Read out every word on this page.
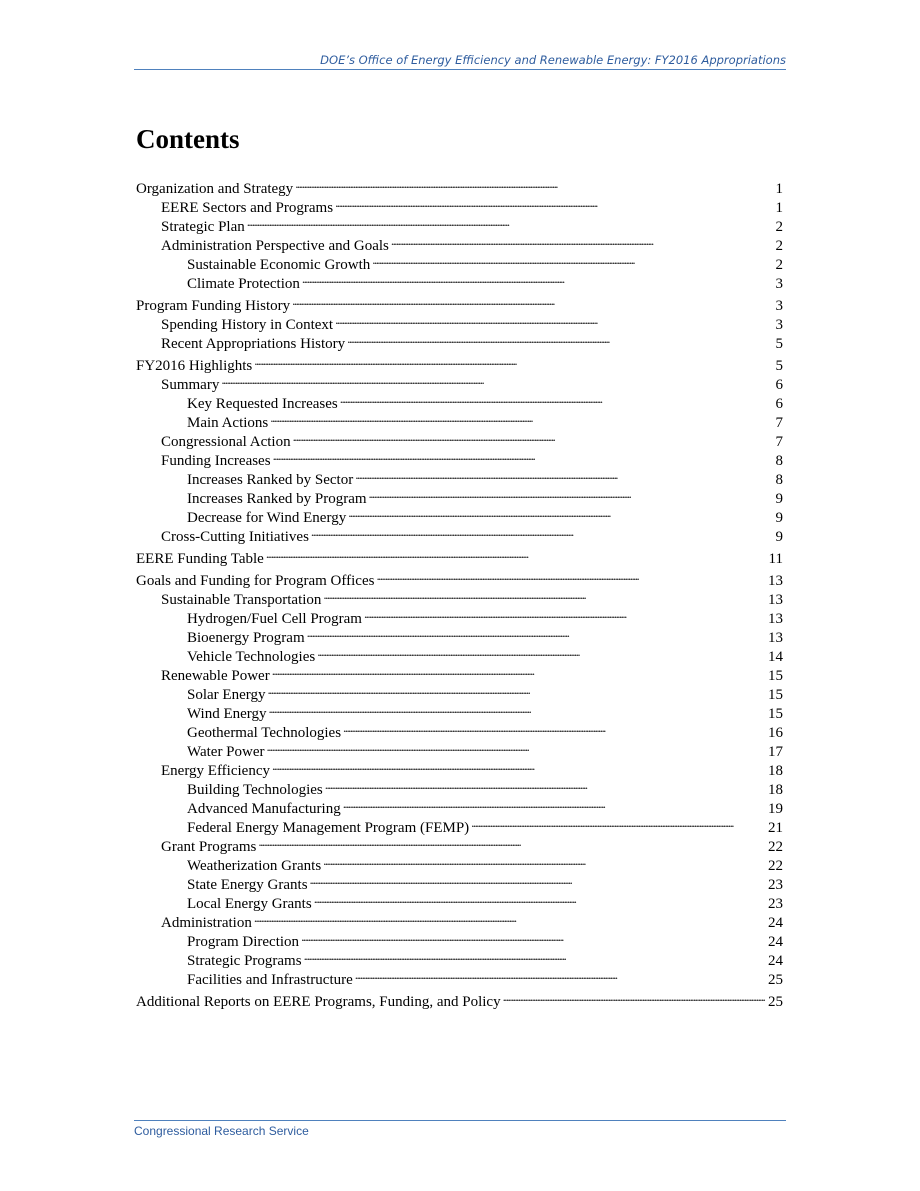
DOE’s Office of Energy Efficiency and Renewable Energy: FY2016 Appropriations
Contents
Organization and Strategy . . .	1
EERE Sectors and Programs . . .	1
Strategic Plan . . .	2
Administration Perspective and Goals . . .	2
Sustainable Economic Growth . . .	2
Climate Protection . . .	3
Program Funding History . . .	3
Spending History in Context . . .	3
Recent Appropriations History . . .	5
FY2016 Highlights . . .	5
Summary . . .	6
Key Requested Increases . . .	6
Main Actions . . .	7
Congressional Action . . .	7
Funding Increases . . .	8
Increases Ranked by Sector . . .	8
Increases Ranked by Program . . .	9
Decrease for Wind Energy . . .	9
Cross-Cutting Initiatives . . .	9
EERE Funding Table . . .	11
Goals and Funding for Program Offices . . .	13
Sustainable Transportation . . .	13
Hydrogen/Fuel Cell Program . . .	13
Bioenergy Program . . .	13
Vehicle Technologies . . .	14
Renewable Power . . .	15
Solar Energy . . .	15
Wind Energy . . .	15
Geothermal Technologies . . .	16
Water Power . . .	17
Energy Efficiency . . .	18
Building Technologies . . .	18
Advanced Manufacturing . . .	19
Federal Energy Management Program (FEMP) . . .	21
Grant Programs . . .	22
Weatherization Grants . . .	22
State Energy Grants . . .	23
Local Energy Grants . . .	23
Administration . . .	24
Program Direction . . .	24
Strategic Programs . . .	24
Facilities and Infrastructure . . .	25
Additional Reports on EERE Programs, Funding, and Policy . . .	25
Congressional Research Service
